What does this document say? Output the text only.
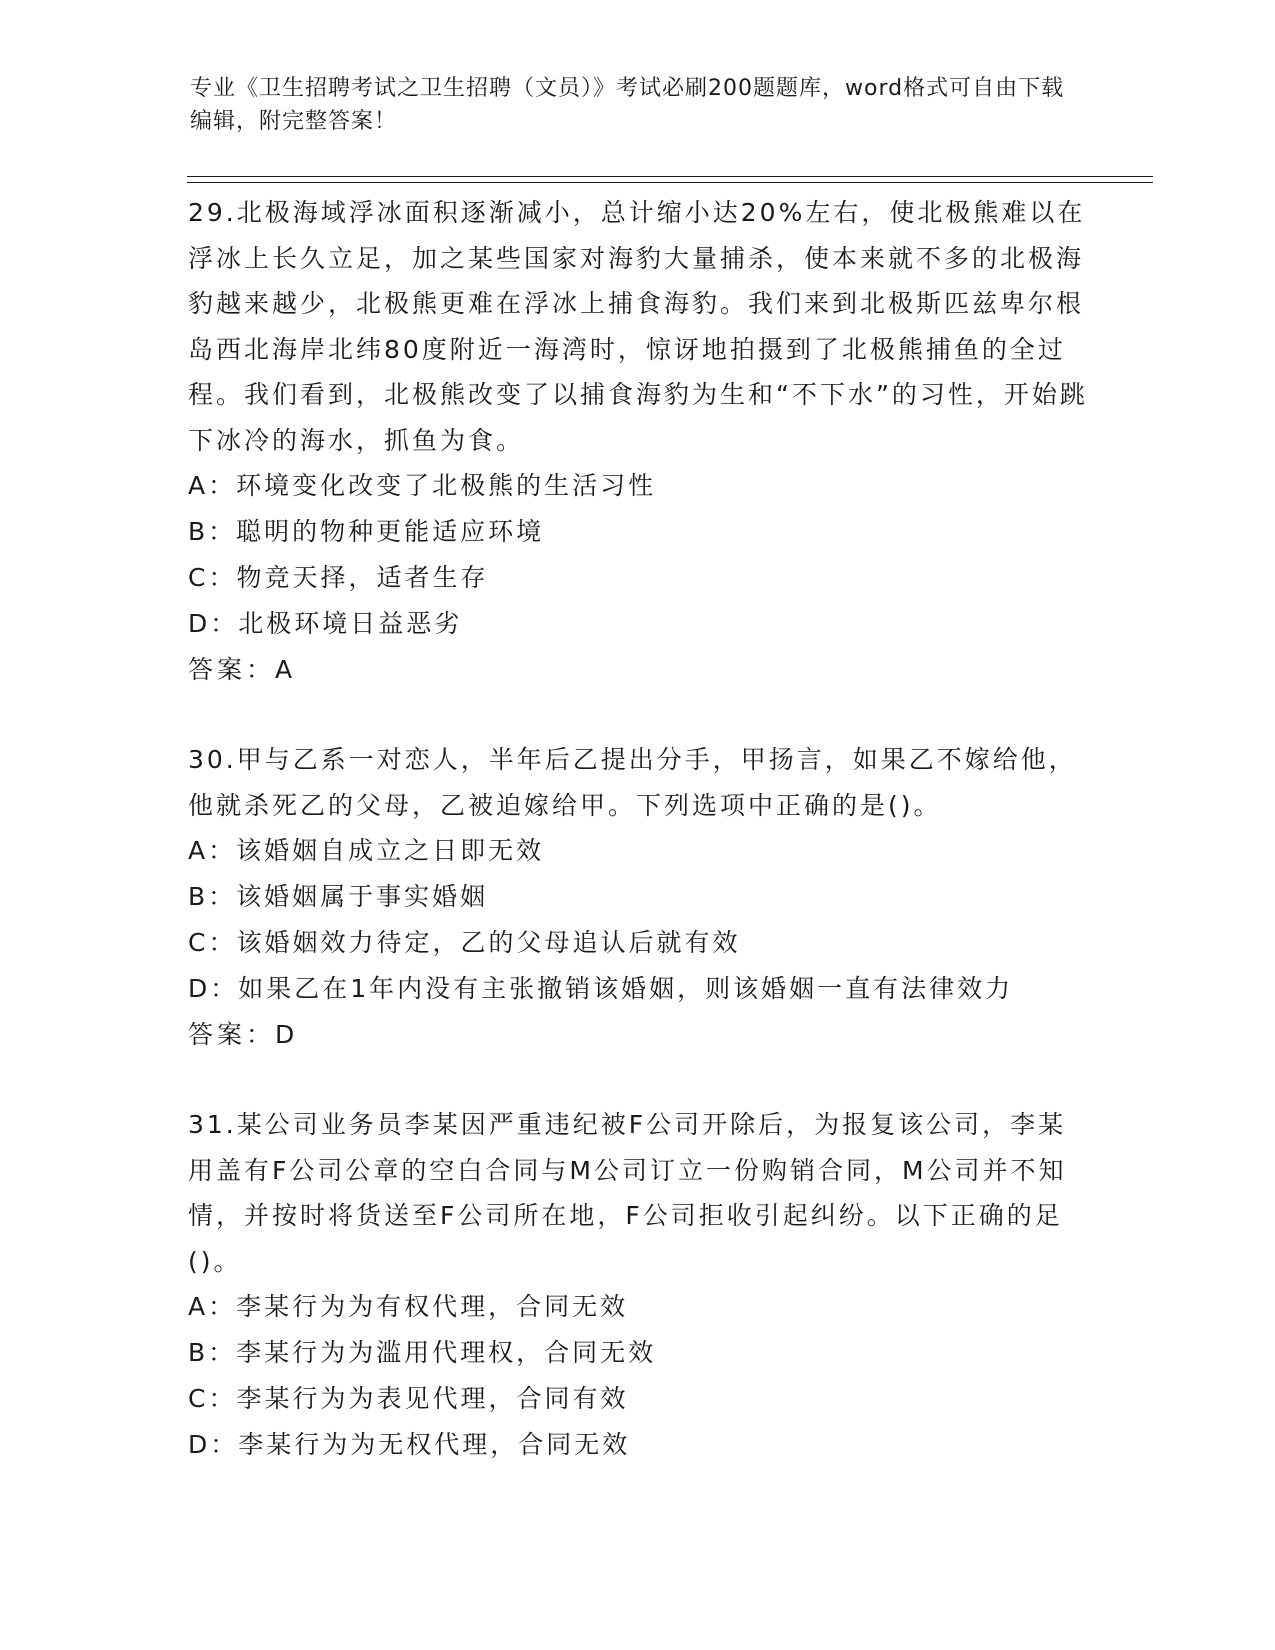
专业《卫生招聘考试之卫生招聘（文员）》考试必刷200题题库，word格式可自由下载编辑，附完整答案！

29.北极海域浮冰面积逐渐减小，总计缩小达20%左右，使北极熊难以在浮冰上长久立足，加之某些国家对海豹大量捕杀，使本来就不多的北极海豹越来越少，北极熊更难在浮冰上捕食海豹。我们来到北极斯匹兹卑尔根岛西北海岸北纬80度附近一海湾时，惊讶地拍摄到了北极熊捕鱼的全过程。我们看到，北极熊改变了以捕食海豹为生和“不下水”的习性，开始跳下冰冷的海水，抓鱼为食。

A：环境变化改变了北极熊的生活习性

B：聪明的物种更能适应环境

C：物竞天择，适者生存

D：北极环境日益恶劣

答案：A

30.甲与乙系一对恋人，半年后乙提出分手，甲扬言，如果乙不嫁给他，他就杀死乙的父母，乙被迫嫁给甲。下列选项中正确的是()。

A：该婚姻自成立之日即无效

B：该婚姻属于事实婚姻

C：该婚姻效力待定，乙的父母追认后就有效

D：如果乙在1年内没有主张撤销该婚姻，则该婚姻一直有法律效力

答案：D

31.某公司业务员李某因严重违纪被F公司开除后，为报复该公司，李某用盖有F公司公章的空白合同与M公司订立一份购销合同，M公司并不知情，并按时将货送至F公司所在地，F公司拒收引起纠纷。以下正确的足()。

A：李某行为为有权代理，合同无效

B：李某行为为滥用代理权，合同无效

C：李某行为为表见代理，合同有效

D：李某行为为无权代理，合同无效
